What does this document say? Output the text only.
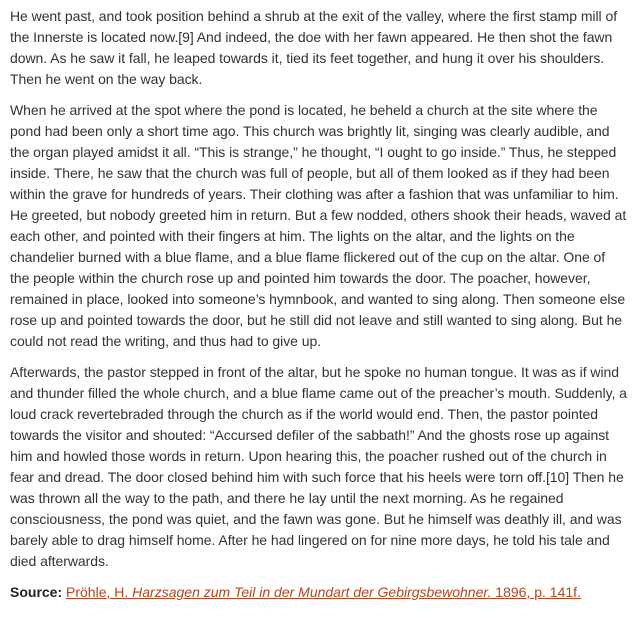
He went past, and took position behind a shrub at the exit of the valley, where the first stamp mill of the Innerste is located now.[9] And indeed, the doe with her fawn appeared. He then shot the fawn down. As he saw it fall, he leaped towards it, tied its feet together, and hung it over his shoulders. Then he went on the way back.

When he arrived at the spot where the pond is located, he beheld a church at the site where the pond had been only a short time ago. This church was brightly lit, singing was clearly audible, and the organ played amidst it all. “This is strange,” he thought, “I ought to go inside.” Thus, he stepped inside. There, he saw that the church was full of people, but all of them looked as if they had been within the grave for hundreds of years. Their clothing was after a fashion that was unfamiliar to him. He greeted, but nobody greeted him in return. But a few nodded, others shook their heads, waved at each other, and pointed with their fingers at him. The lights on the altar, and the lights on the chandelier burned with a blue flame, and a blue flame flickered out of the cup on the altar. One of the people within the church rose up and pointed him towards the door. The poacher, however, remained in place, looked into someone’s hymnbook, and wanted to sing along. Then someone else rose up and pointed towards the door, but he still did not leave and still wanted to sing along. But he could not read the writing, and thus had to give up.

Afterwards, the pastor stepped in front of the altar, but he spoke no human tongue. It was as if wind and thunder filled the whole church, and a blue flame came out of the preacher’s mouth. Suddenly, a loud crack revertebraded through the church as if the world would end. Then, the pastor pointed towards the visitor and shouted: “Accursed defiler of the sabbath!” And the ghosts rose up against him and howled those words in return. Upon hearing this, the poacher rushed out of the church in fear and dread. The door closed behind him with such force that his heels were torn off.[10] Then he was thrown all the way to the path, and there he lay until the next morning. As he regained consciousness, the pond was quiet, and the fawn was gone. But he himself was deathly ill, and was barely able to drag himself home. After he had lingered on for nine more days, he told his tale and died afterwards.

Source: Pröhle, H. Harzsagen zum Teil in der Mundart der Gebirgsbewohner. 1896, p. 141f.
